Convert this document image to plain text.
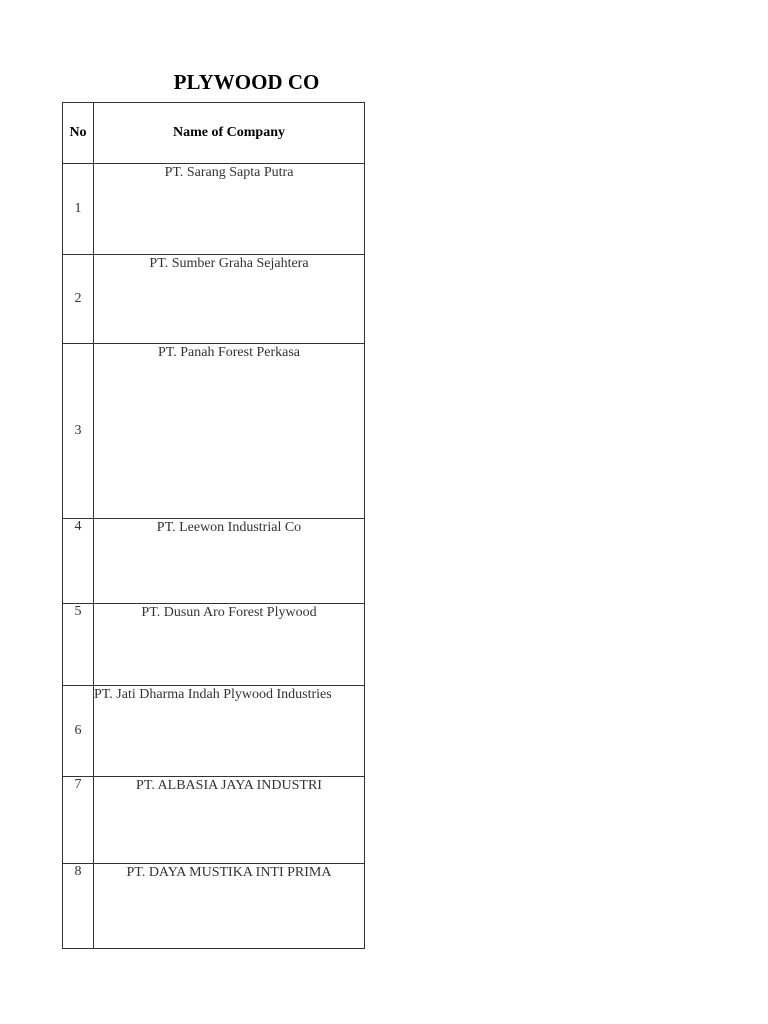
PLYWOOD CO
No	Name of Company
1	PT. Sarang Sapta Putra
2	PT. Sumber Graha Sejahtera
3	PT. Panah Forest Perkasa
4	PT. Leewon Industrial Co
5	PT. Dusun Aro Forest Plywood
6	PT. Jati Dharma Indah Plywood Industries
7	PT. ALBASIA JAYA INDUSTRI
8	PT. DAYA MUSTIKA INTI PRIMA
